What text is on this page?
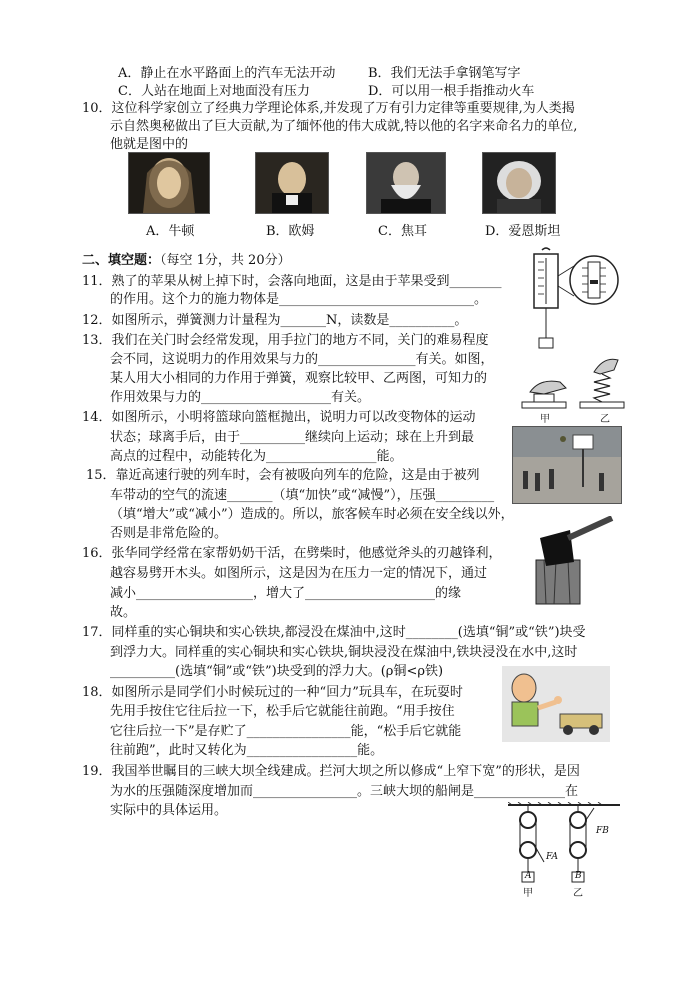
A．静止在水平路面上的汽车无法开动	B．我们无法手拿钢笔写字
C．人站在地面上对地面没有压力	D．可以用一根手指推动火车
10．这位科学家创立了经典力学理论体系,并发现了万有引力定律等重要规律,为人类揭
示自然奥秘做出了巨大贡献,为了缅怀他的伟大成就,特以他的名字来命名力的单位,
他就是图中的
A．牛顿	B．欧姆	C．焦耳	D．爱恩斯坦
二、填空题：（每空 1分，共 20分）
11．熟了的苹果从树上掉下时，会落向地面，这是由于苹果受到________
的作用。这个力的施力物体是______________________________。
12．如图所示，弹簧测力计量程为_______N，读数是__________。
13．我们在关门时会经常发现，用手拉门的地方不同，关门的难易程度
会不同，这说明力的作用效果与力的_______________有关。如图，
某人用大小相同的力作用于弹簧，观察比较甲、乙两图，可知力的
作用效果与力的____________________有关。
14．如图所示，小明将篮球向篮框抛出，说明力可以改变物体的运动
状态；球离手后，由于__________继续向上运动；球在上升到最
高点的过程中，动能转化为_________________能。
15．靠近高速行驶的列车时，会有被吸向列车的危险，这是由于被列
车带动的空气的流速_______（填“加快”或“减慢”），压强_________
（填“增大”或“减小”）造成的。所以，旅客候车时必须在安全线以外，
否则是非常危险的。
16．张华同学经常在家帮奶奶干活，在劈柴时，他感觉斧头的刃越锋利，
越容易劈开木头。如图所示，这是因为在压力一定的情况下，通过
减小__________________，增大了____________________的缘
故。
17．同样重的实心铜块和实心铁块,都浸没在煤油中,这时________(选填“铜”或“铁”)块受
到浮力大。同样重的实心铜块和实心铁块,铜块浸没在煤油中,铁块浸没在水中,这时
__________(选填“铜”或“铁”)块受到的浮力大。(ρ铜<ρ铁)
18．如图所示是同学们小时候玩过的一种“回力”玩具车，在玩耍时
先用手按住它往后拉一下，松手后它就能往前跑。“用手按住
它往后拉一下”是存贮了________________能，“松手后它就能
往前跑”，此时又转化为_________________能。
19．我国举世瞩目的三峡大坝全线建成。拦河大坝之所以修成“上窄下宽”的形状，是因
为水的压强随深度增加而________________。三峡大坝的船闸是______________在
实际中的具体运用。
甲	乙
FA
FB
A	B
甲	乙
